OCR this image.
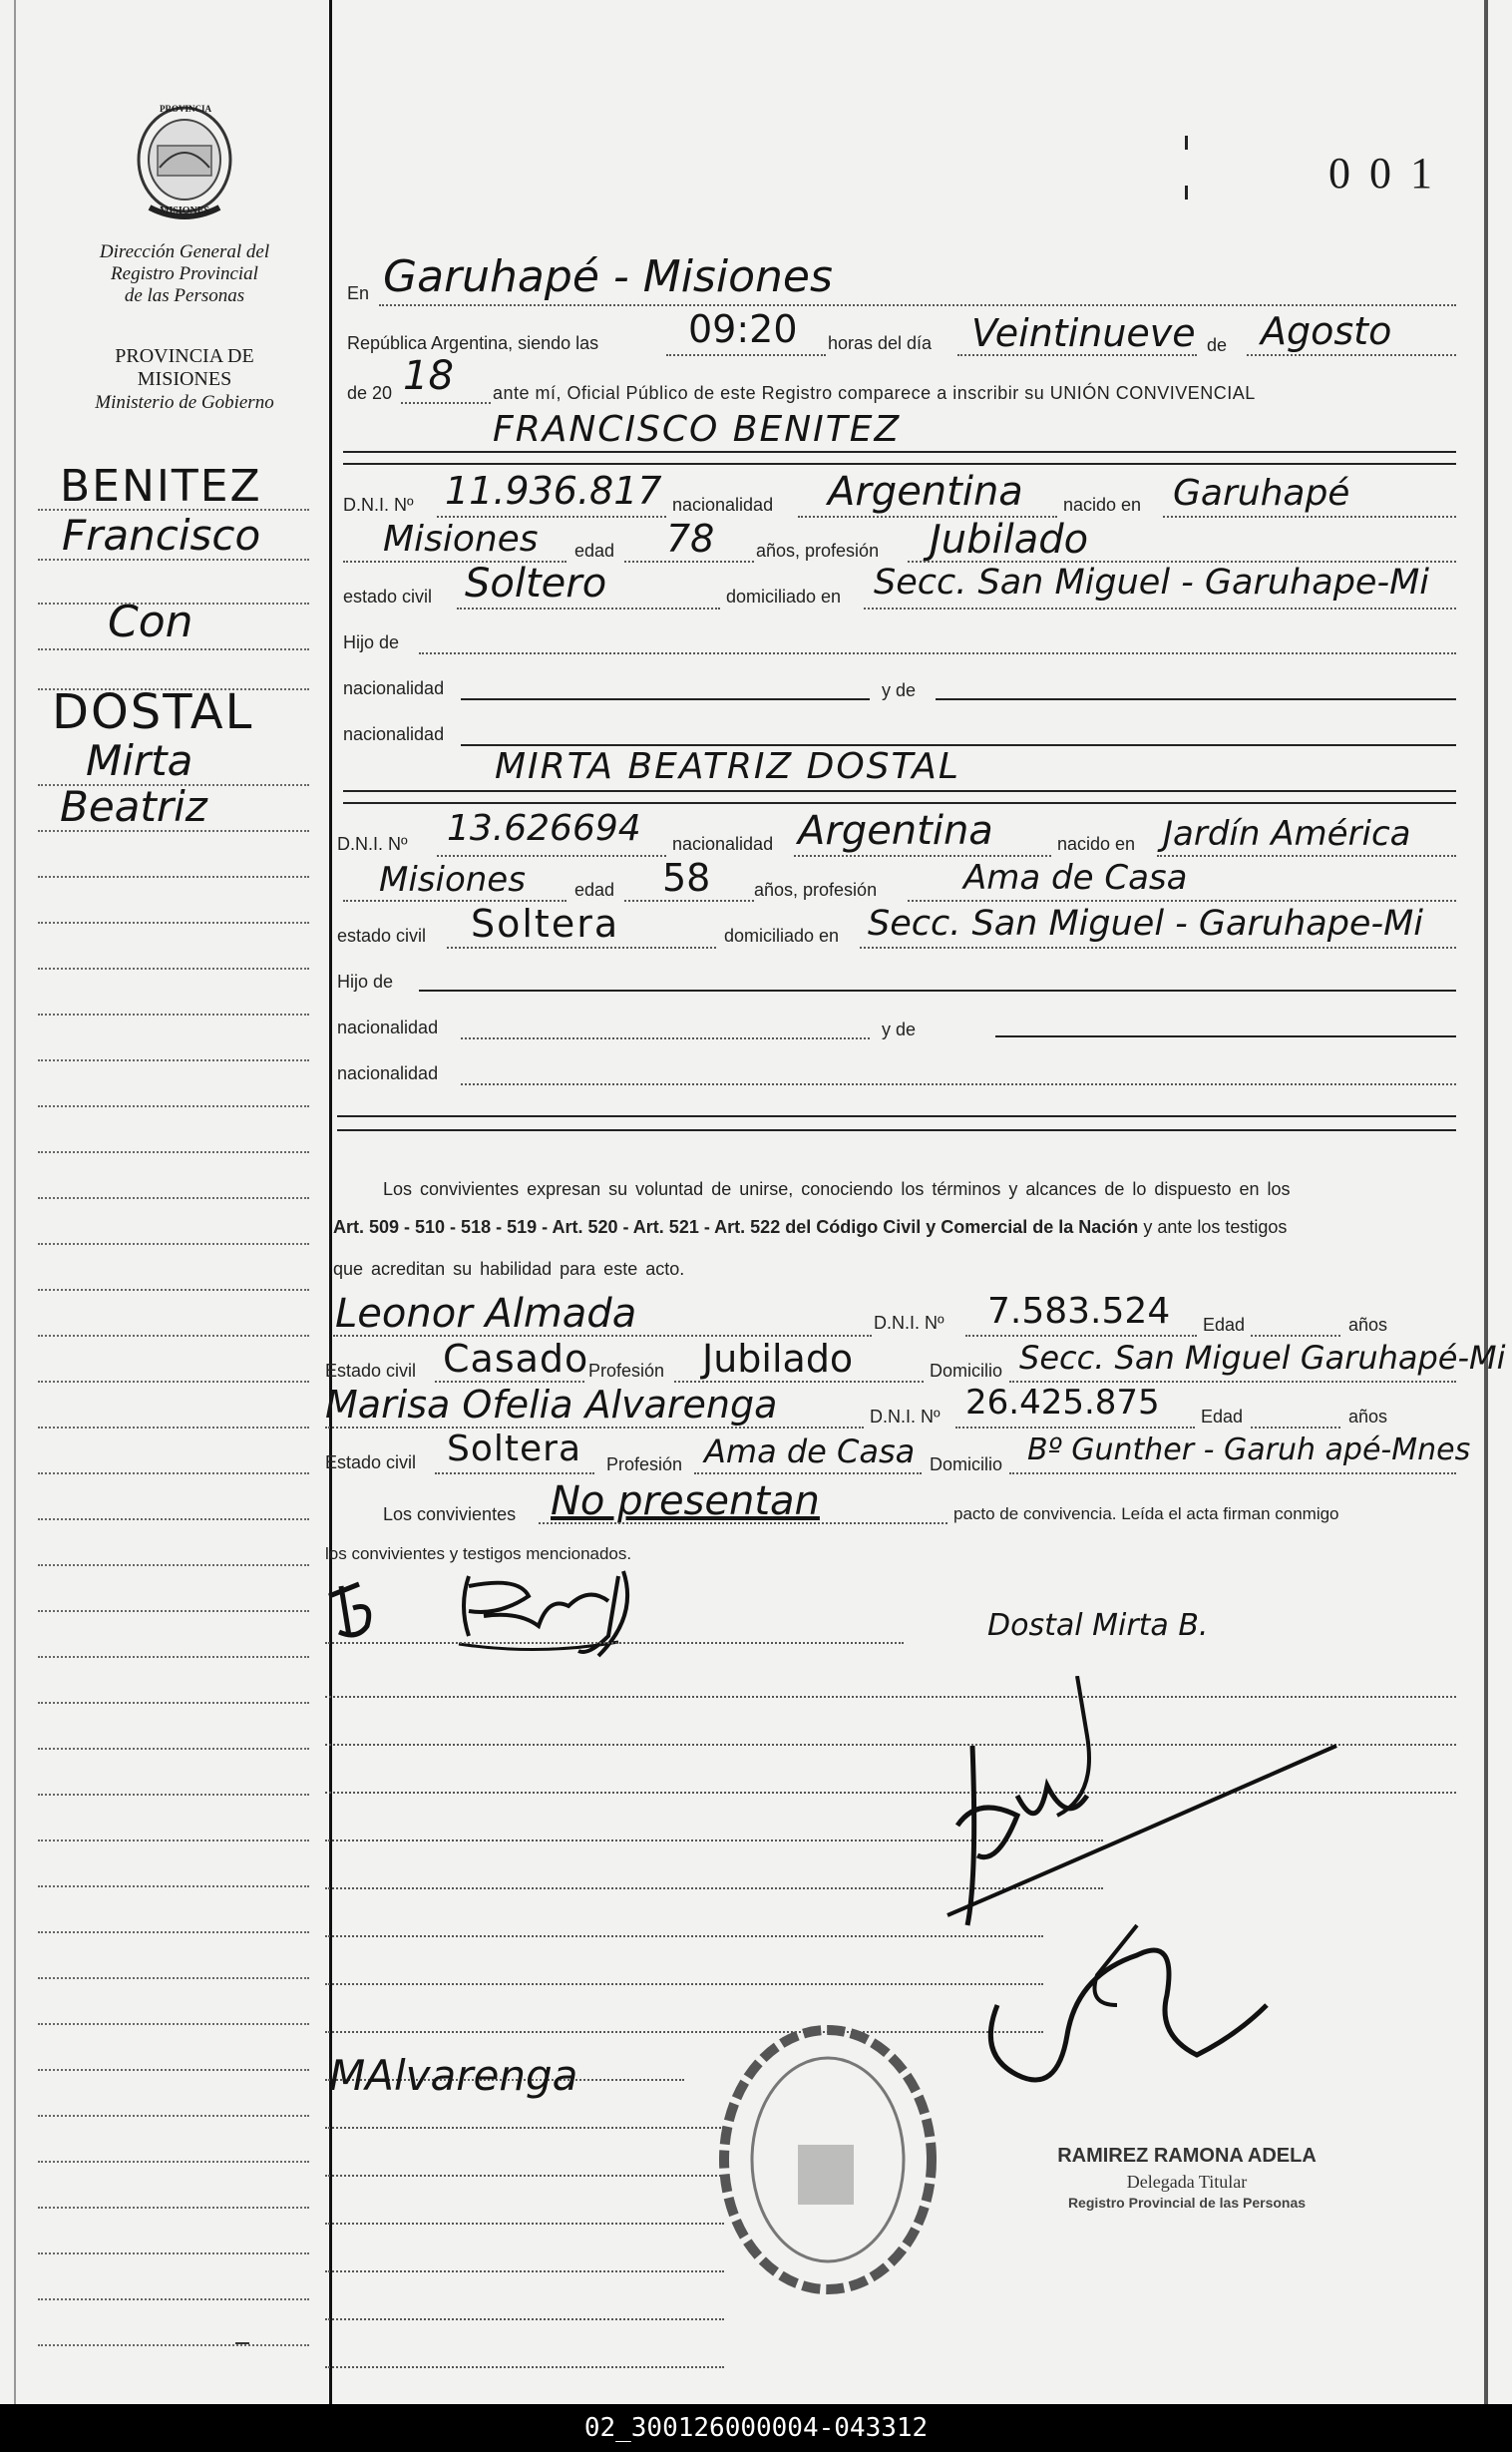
PROVINCIA
MISIONES
Dirección General del
Registro Provincial
de las Personas
PROVINCIA DE
MISIONES
Ministerio de Gobierno
0 0 1
BENITEZ
Francisco
Con
DOSTAL
Mirta
Beatriz
En Garuhapé - Misiones
República Argentina, siendo las 09:20 horas del día Veintinueve de Agosto
de 20 18 ante mí, Oficial Público de este Registro comparece a inscribir su UNIÓN CONVIVENCIAL
FRANCISCO BENITEZ
D.N.I. Nº 11.936.817 nacionalidad Argentina nacido en Garuhapé
Misiones edad 78 años, profesión Jubilado
estado civil Soltero	domiciliado en Secc. San Miguel - Garuhape-Mi
Hijo de
nacionalidad	y de
nacionalidad
MIRTA BEATRIZ DOSTAL
D.N.I. Nº 13.626694 nacionalidad Argentina	nacido en Jardín América
Misiones	edad 58 años, profesión	Ama de Casa
estado civil Soltera	domiciliado en Secc. San Miguel - Garuhape-Mi
Hijo de
nacionalidad	y de
nacionalidad
Los convivientes expresan su voluntad de unirse, conociendo los términos y alcances de lo dispuesto en los
Art. 509 - 510 - 518 - 519 - Art. 520 - Art. 521 - Art. 522 del Código Civil y Comercial de la Nación y ante los testigos
que acreditan su habilidad para este acto.
Leonor Almada	D.N.I. Nº 7.583.524 Edad	años
Estado civil Casado Profesión Jubilado	Domicilio Secc. San Miguel Garuhapé-Mi
Marisa Ofelia Alvarenga	D.N.I. Nº 26.425.875 Edad	años
Estado civil Soltera Profesión Ama de Casa Domicilio Bº Gunther - Garuh apé-Mnes
Los convivientes No presentan	pacto de convivencia. Leída el acta firman conmigo
los convivientes y testigos mencionados.
Dostal Mirta B.
MAlvarenga
RAMIREZ RAMONA ADELA
Delegada Titular
Registro Provincial de las Personas
02_300126000004-043312
